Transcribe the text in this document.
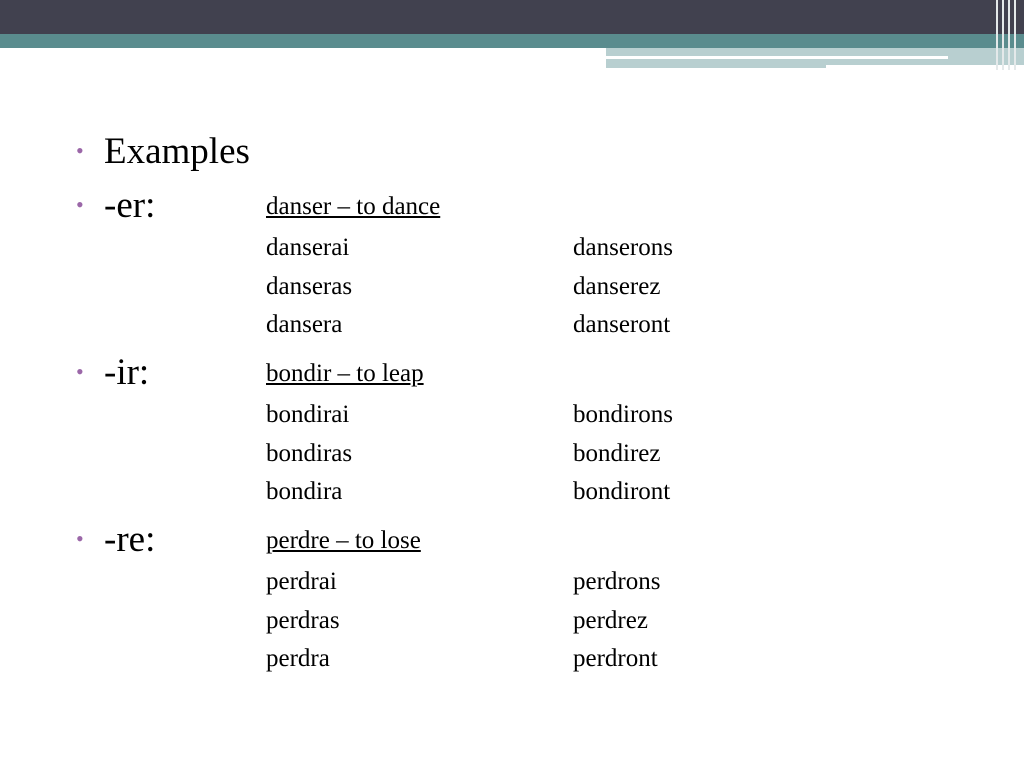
• Examples
• -er:	danser – to dance
danserai	danserons
danseras	danserez
dansera	danseront
• -ir:	bondir – to leap
bondirai	bondirons
bondiras	bondirez
bondira	bondiront
• -re:	perdre – to lose
perdrai	perdrons
perdras	perdrez
perdra	perdront
